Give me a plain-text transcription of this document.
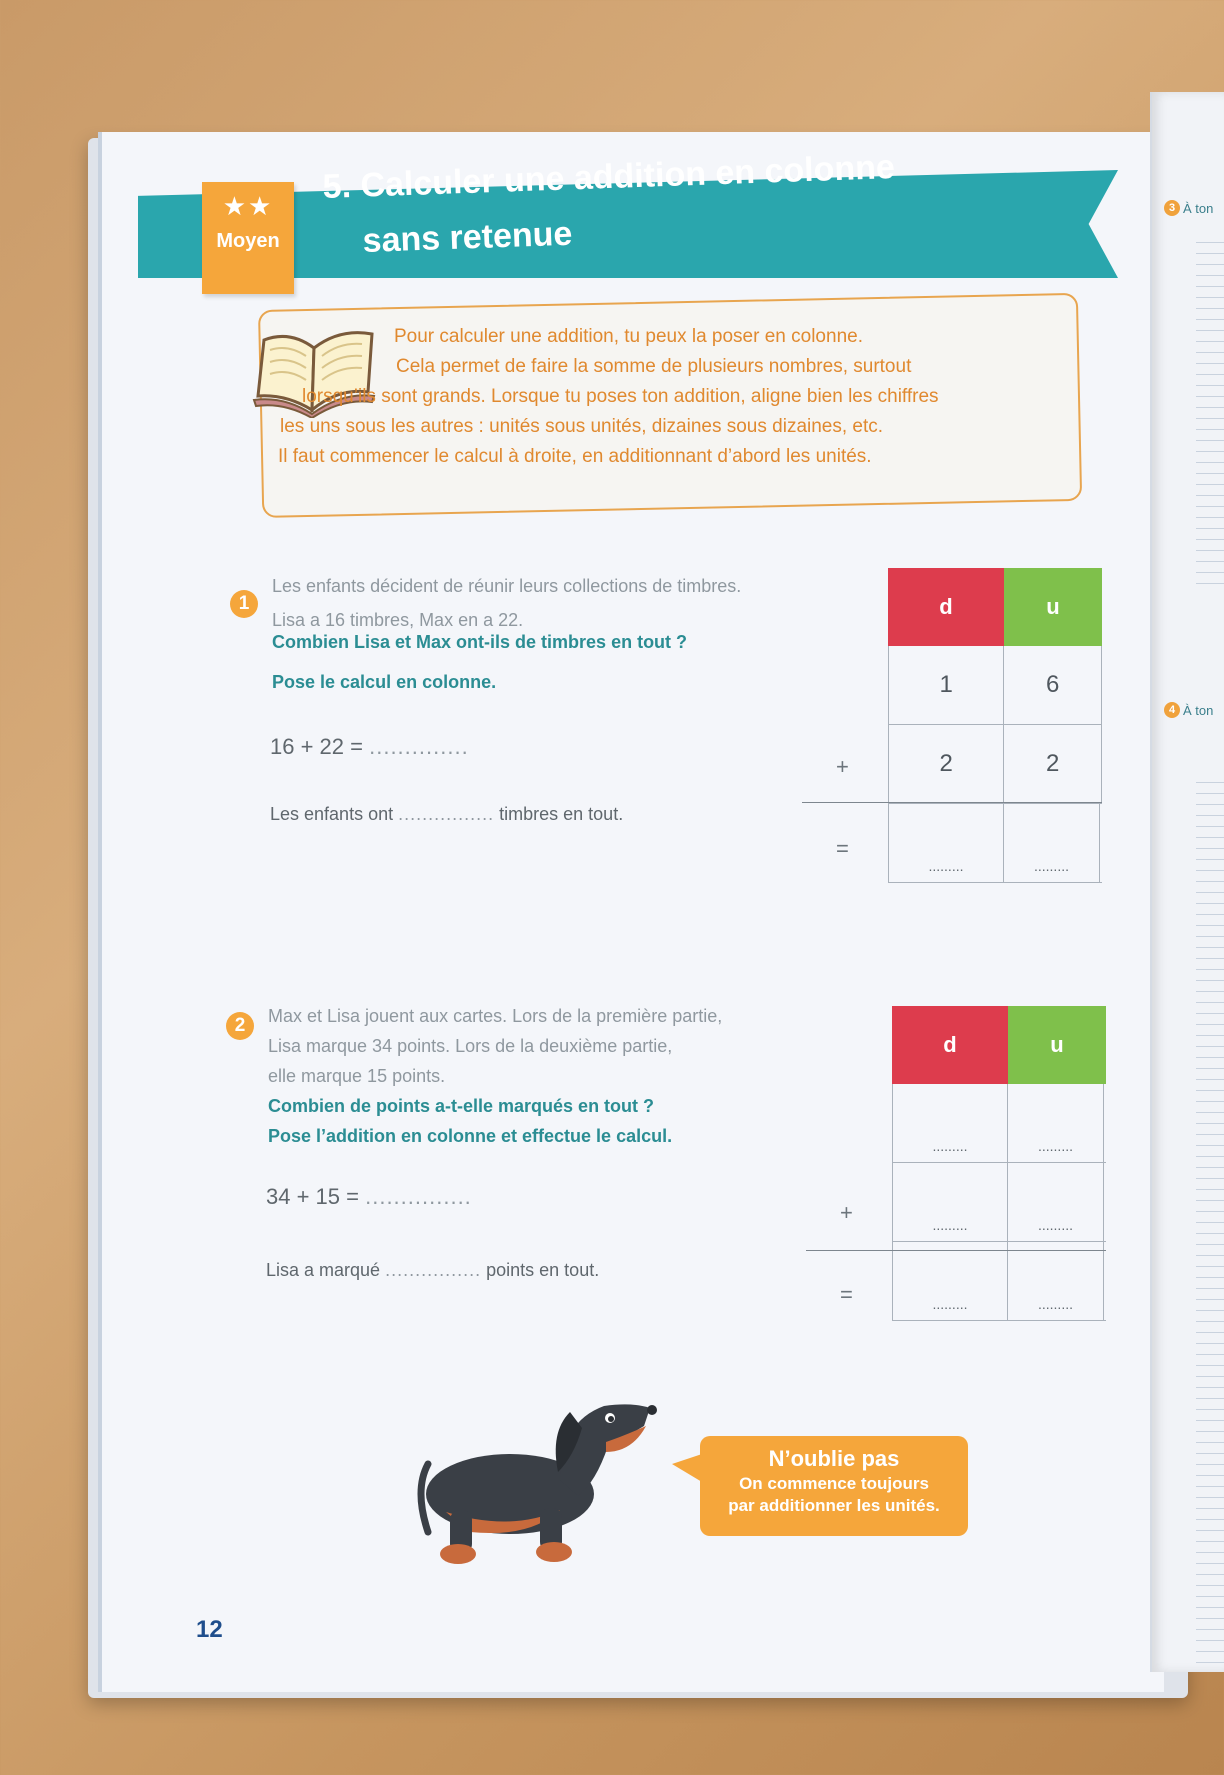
3 À ton
4 À ton
★★
Moyen
5. Calculer une addition en colonne
sans retenue
Pour calculer une addition, tu peux la poser en colonne.
Cela permet de faire la somme de plusieurs nombres, surtout
lorsqu’ils sont grands. Lorsque tu poses ton addition, aligne bien les chiffres
les uns sous les autres : unités sous unités, dizaines sous dizaines, etc.
Il faut commencer le calcul à droite, en additionnant d’abord les unités.
1
Les enfants décident de réunir leurs collections de timbres.
Lisa a 16 timbres, Max en a 22.
Combien Lisa et Max ont-ils de timbres en tout ?
Pose le calcul en colonne.
16 + 22 = ..............
Les enfants ont ................ timbres en tout.
d	u
1	6
2	2
.........	.........
+
=
2	Max et Lisa jouent aux cartes. Lors de la première partie,
Lisa marque 34 points. Lors de la deuxième partie,
elle marque 15 points.
Combien de points a-t-elle marqués en tout ?
Pose l’addition en colonne et effectue le calcul.
34 + 15 = ...............
Lisa a marqué ................ points en tout.
d	u
.........	.........
.........	.........
.........	.........
+
=
N’oublie pas
On commence toujours
par additionner les unités.
12
